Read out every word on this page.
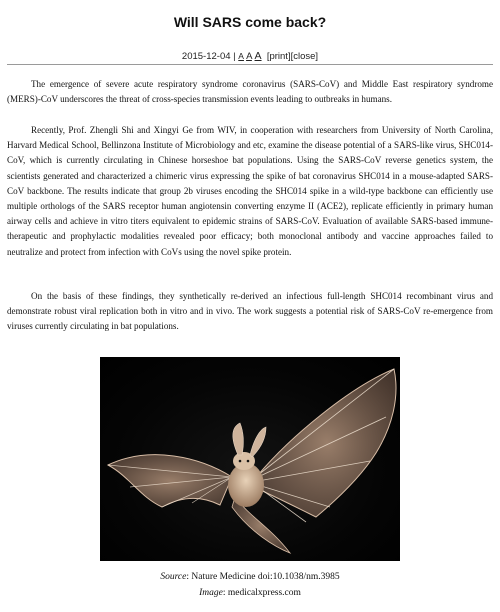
Will SARS come back?
2015-12-04 | A A A [print][close]

The emergence of severe acute respiratory syndrome coronavirus (SARS-CoV) and Middle East respiratory syndrome (MERS)-CoV underscores the threat of cross-species transmission events leading to outbreaks in humans.

Recently, Prof. Zhengli Shi and Xingyi Ge from WIV, in cooperation with researchers from University of North Carolina, Harvard Medical School, Bellinzona Institute of Microbiology and etc, examine the disease potential of a SARS-like virus, SHC014-CoV, which is currently circulating in Chinese horseshoe bat populations. Using the SARS-CoV reverse genetics system, the scientists generated and characterized a chimeric virus expressing the spike of bat coronavirus SHC014 in a mouse-adapted SARS-CoV backbone. The results indicate that group 2b viruses encoding the SHC014 spike in a wild-type backbone can efficiently use multiple orthologs of the SARS receptor human angiotensin converting enzyme II (ACE2), replicate efficiently in primary human airway cells and achieve in vitro titers equivalent to epidemic strains of SARS-CoV. Evaluation of available SARS-based immune-therapeutic and prophylactic modalities revealed poor efficacy; both monoclonal antibody and vaccine approaches failed to neutralize and protect from infection with CoVs using the novel spike protein.

On the basis of these findings, they synthetically re-derived an infectious full-length SHC014 recombinant virus and demonstrate robust viral replication both in vitro and in vivo. The work suggests a potential risk of SARS-CoV re-emergence from viruses currently circulating in bat populations.

Source: Nature Medicine doi:10.1038/nm.3985
Image: medicalxpress.com
